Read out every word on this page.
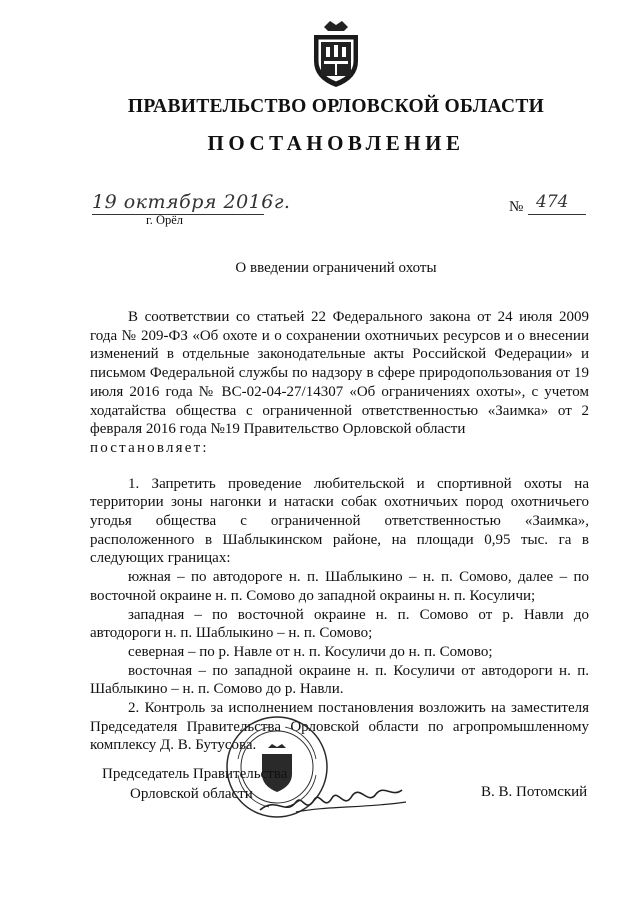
ПРАВИТЕЛЬСТВО ОРЛОВСКОЙ ОБЛАСТИ
ПОСТАНОВЛЕНИЕ
19 октября 2016г.
г. Орёл
№ 474
О введении ограничений охоты

В соответствии со статьей 22 Федерального закона от 24 июля 2009 года № 209-ФЗ «Об охоте и о сохранении охотничьих ресурсов и о внесении изменений в отдельные законодательные акты Российской Федерации» и письмом Федеральной службы по надзору в сфере природопользования от 19 июля 2016 года № ВС-02-04-27/14307 «Об ограничениях охоты», с учетом ходатайства общества с ограниченной ответственностью «Заимка» от 2 февраля 2016 года №19 Правительство Орловской области

постановляет:

1. Запретить проведение любительской и спортивной охоты на территории зоны нагонки и натаски собак охотничьих пород охотничьего угодья общества с ограниченной ответственностью «Заимка», расположенного в Шаблыкинском районе, на площади 0,95 тыс. га в следующих границах:

южная – по автодороге н. п. Шаблыкино – н. п. Сомово, далее – по восточной окраине н. п. Сомово до западной окраины н. п. Косуличи;

западная – по восточной окраине н. п. Сомово от р. Навли до автодороги н. п. Шаблыкино – н. п. Сомово;

северная – по р. Навле от н. п. Косуличи до н. п. Сомово;

восточная – по западной окраине н. п. Косуличи от автодороги н. п. Шаблыкино – н. п. Сомово до р. Навли.

2. Контроль за исполнением постановления возложить на заместителя Председателя Правительства Орловской области по агропромышленному комплексу Д. В. Бутусова.

Председатель Правительства
Орловской области	В. В. Потомский
